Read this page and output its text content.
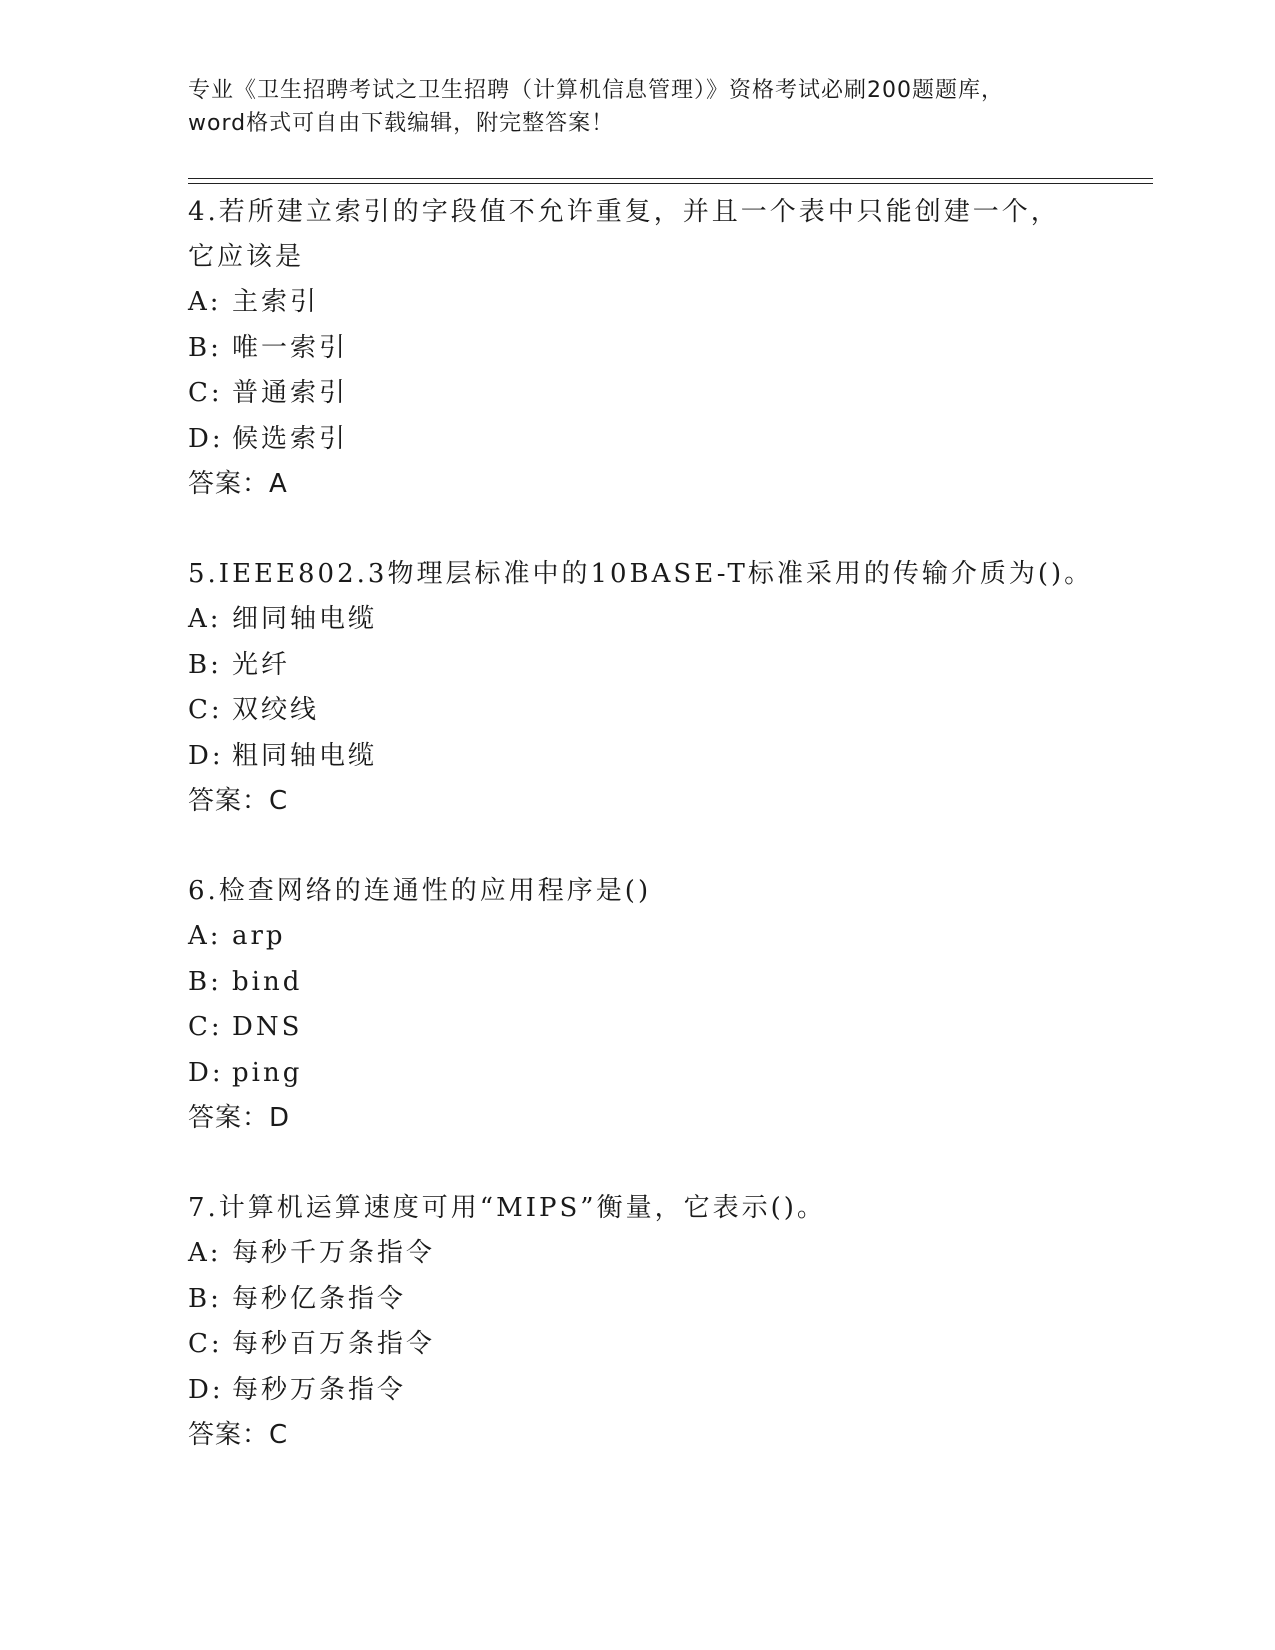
专业《卫生招聘考试之卫生招聘（计算机信息管理）》资格考试必刷200题题库，
word格式可自由下载编辑，附完整答案！
4.若所建立索引的字段值不允许重复，并且一个表中只能创建一个，
它应该是
A: 主索引
B: 唯一索引
C: 普通索引
D: 候选索引
答案：A
5.IEEE802.3物理层标准中的10BASE-T标准采用的传输介质为()。
A: 细同轴电缆
B: 光纤
C: 双绞线
D: 粗同轴电缆
答案：C
6.检查网络的连通性的应用程序是()
A: arp
B: bind
C: DNS
D: ping
答案：D
7.计算机运算速度可用“MIPS”衡量，它表示()。
A: 每秒千万条指令
B: 每秒亿条指令
C: 每秒百万条指令
D: 每秒万条指令
答案：C
